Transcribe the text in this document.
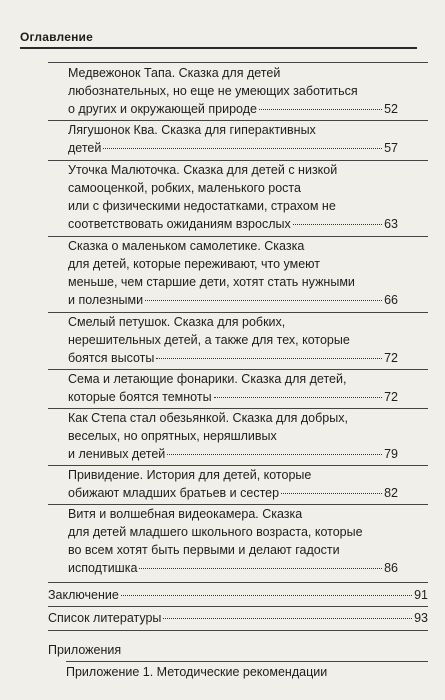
Оглавление
Медвежонок Тапа. Сказка для детей
любознательных, но еще не умеющих заботиться
о других и окружающей природе	52
Лягушонок Ква. Сказка для гиперактивных
детей	57
Уточка Малюточка. Сказка для детей с низкой
самооценкой, робких, маленького роста
или с физическими недостатками, страхом не
соответствовать ожиданиям взрослых	63
Сказка о маленьком самолетике. Сказка
для детей, которые переживают, что умеют
меньше, чем старшие дети, хотят стать нужными
и полезными	66
Смелый петушок. Сказка для робких,
нерешительных детей, а также для тех, которые
боятся высоты	72
Сема и летающие фонарики. Сказка для детей,
которые боятся темноты	72
Как Степа стал обезьянкой. Сказка для добрых,
веселых, но опрятных, неряшливых
и ленивых детей	79
Привидение. История для детей, которые
обижают младших братьев и сестер	82
Витя и волшебная видеокамера. Сказка
для детей младшего школьного возраста, которые
во всем хотят быть первыми и делают гадости
исподтишка	86
Заключение	91
Список литературы	93
Приложения
Приложение 1. Методические рекомендации
